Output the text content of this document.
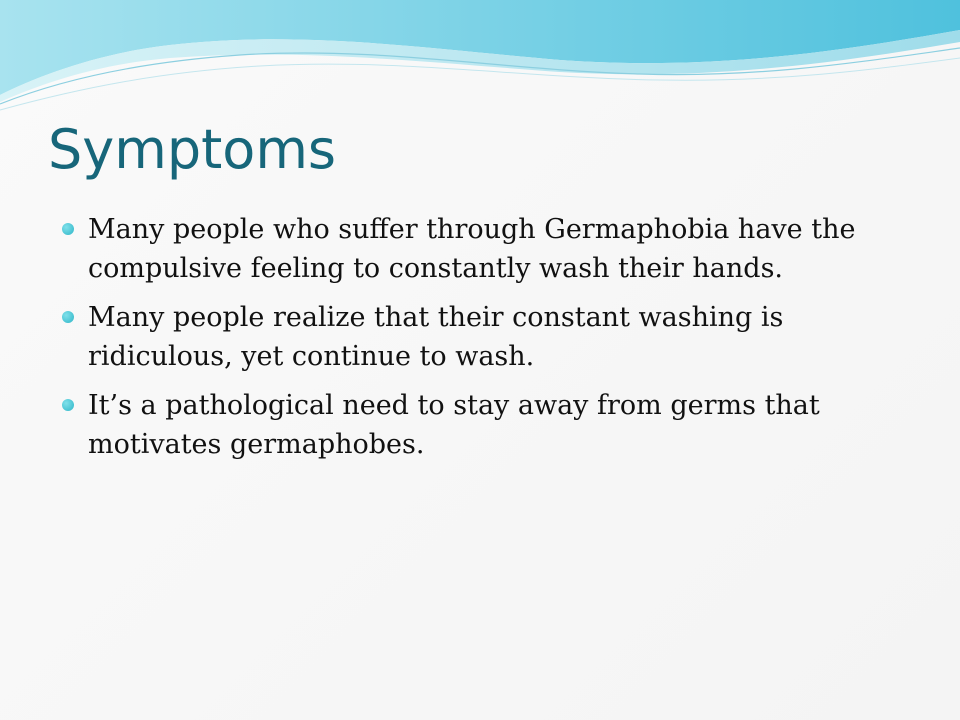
Symptoms
Many people who suffer through Germaphobia have the compulsive feeling to constantly wash their hands.
Many people realize that their constant washing is ridiculous, yet continue to wash.
It’s a pathological need to stay away from germs that motivates germaphobes.
